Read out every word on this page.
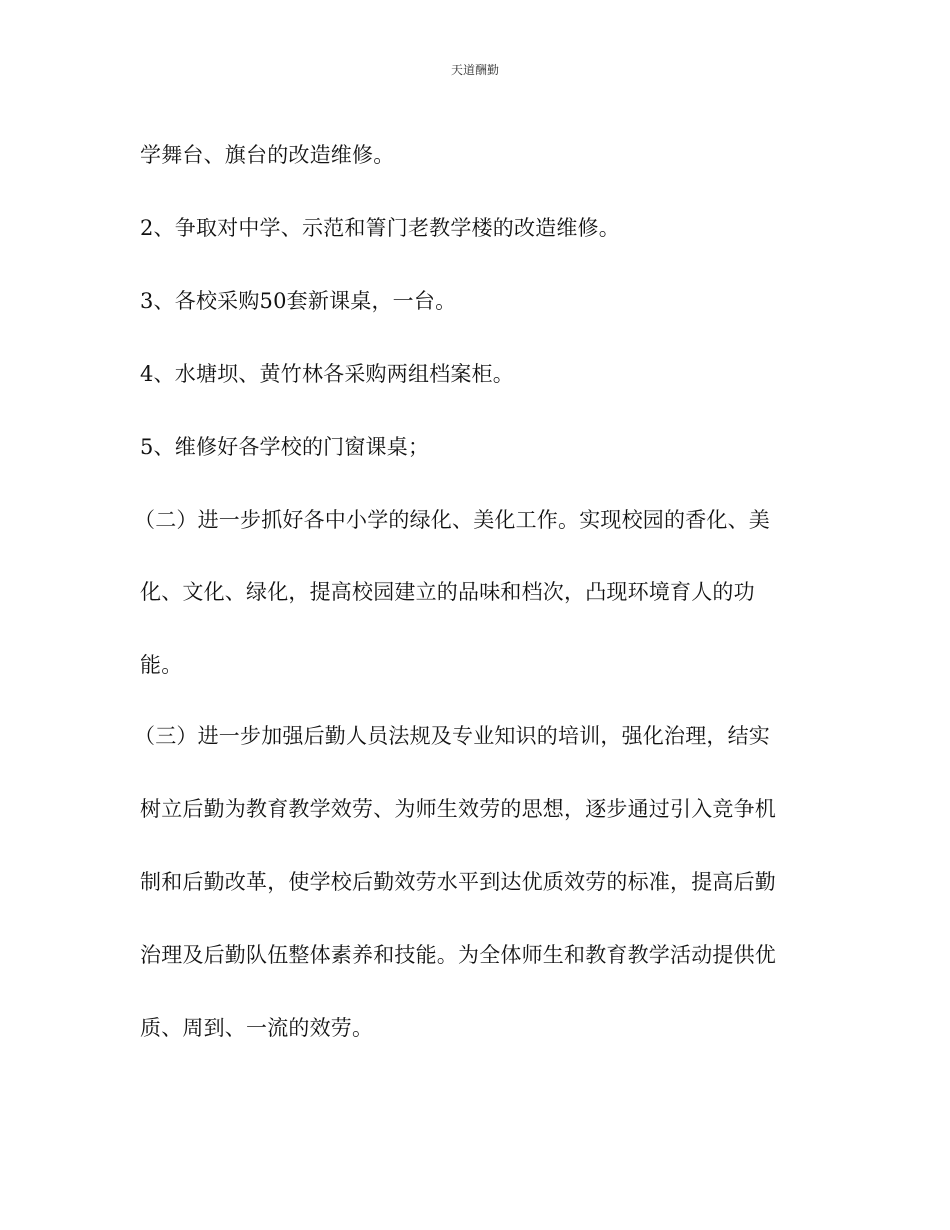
天道酬勤
学舞台、旗台的改造维修。
2、争取对中学、示范和箐门老教学楼的改造维修。
3、各校采购50套新课桌，一台。
4、水塘坝、黄竹林各采购两组档案柜。
5、维修好各学校的门窗课桌；
（二）进一步抓好各中小学的绿化、美化工作。实现校园的香化、美
化、文化、绿化，提高校园建立的品味和档次，凸现环境育人的功
能。
（三）进一步加强后勤人员法规及专业知识的培训，强化治理，结实
树立后勤为教育教学效劳、为师生效劳的思想，逐步通过引入竞争机
制和后勤改革，使学校后勤效劳水平到达优质效劳的标准，提高后勤
治理及后勤队伍整体素养和技能。为全体师生和教育教学活动提供优
质、周到、一流的效劳。
